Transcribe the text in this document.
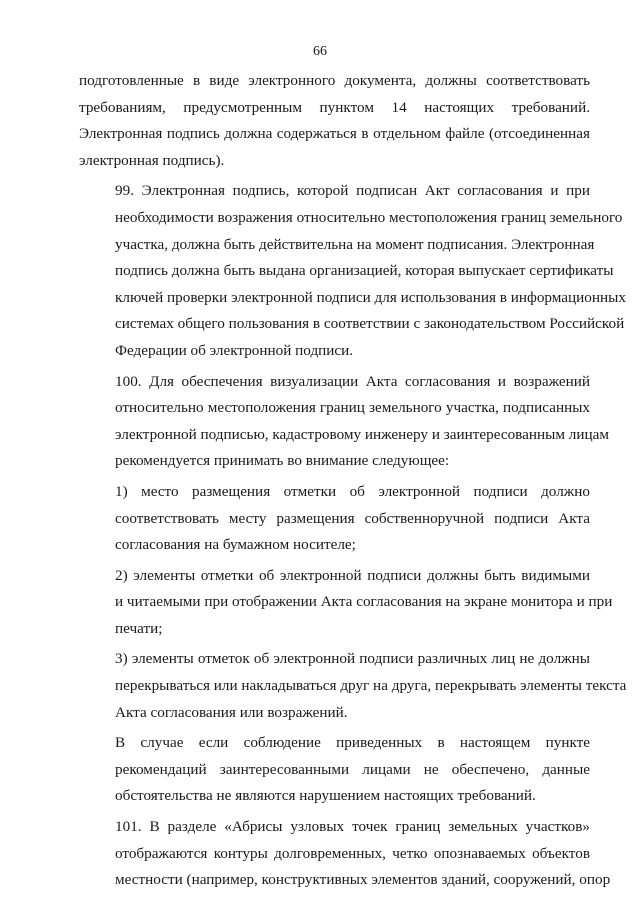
66

подготовленные в виде электронного документа, должны соответствовать
требованиям, предусмотренным пунктом 14 настоящих требований.
Электронная подпись должна содержаться в отдельном файле (отсоединенная
электронная подпись).

99. Электронная подпись, которой подписан Акт согласования и при
необходимости возражения относительно местоположения границ земельного
участка, должна быть действительна на момент подписания. Электронная
подпись должна быть выдана организацией, которая выпускает сертификаты
ключей проверки электронной подписи для использования в информационных
системах общего пользования в соответствии с законодательством Российской
Федерации об электронной подписи.

100. Для обеспечения визуализации Акта согласования и возражений
относительно местоположения границ земельного участка, подписанных
электронной подписью, кадастровому инженеру и заинтересованным лицам
рекомендуется принимать во внимание следующее:

1) место размещения отметки об электронной подписи должно
соответствовать месту размещения собственноручной подписи Акта
согласования на бумажном носителе;

2) элементы отметки об электронной подписи должны быть видимыми
и читаемыми при отображении Акта согласования на экране монитора и при
печати;

3) элементы отметок об электронной подписи различных лиц не должны
перекрываться или накладываться друг на друга, перекрывать элементы текста
Акта согласования или возражений.

В случае если соблюдение приведенных в настоящем пункте
рекомендаций заинтересованными лицами не обеспечено, данные
обстоятельства не являются нарушением настоящих требований.

101. В разделе «Абрисы узловых точек границ земельных участков»
отображаются контуры долговременных, четко опознаваемых объектов
местности (например, конструктивных элементов зданий, сооружений, опор
